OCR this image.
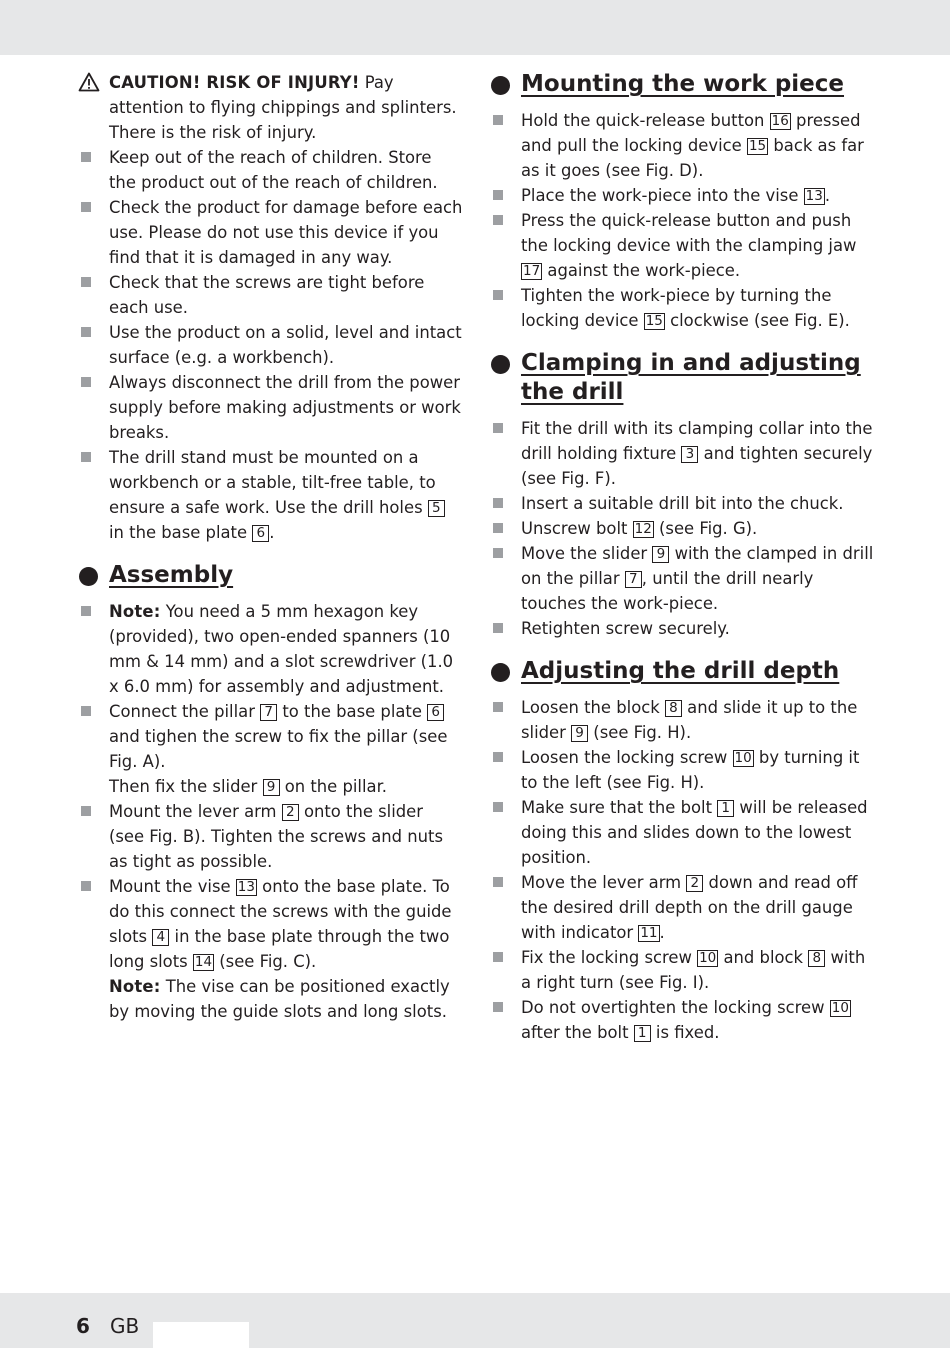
CAUTION! RISK OF INJURY! Pay attention to flying chippings and splinters. There is the risk of injury.
Keep out of the reach of children. Store the product out of the reach of children.
Check the product for damage before each use. Please do not use this device if you find that it is damaged in any way.
Check that the screws are tight before each use.
Use the product on a solid, level and intact surface (e.g. a workbench).
Always disconnect the drill from the power supply before making adjustments or work breaks.
The drill stand must be mounted on a workbench or a stable, tilt-free table, to ensure a safe work. Use the drill holes 5 in the base plate 6 .
Assembly
Note: You need a 5 mm hexagon key (provided), two open-ended spanners (10 mm & 14 mm) and a slot screwdriver (1.0 x 6.0 mm) for assembly and adjustment.
Connect the pillar 7 to the base plate 6 and tighen the screw to fix the pillar (see Fig. A).
Then fix the slider 9 on the pillar.
Mount the lever arm 2 onto the slider (see Fig. B). Tighten the screws and nuts as tight as possible.
Mount the vise 13 onto the base plate. To do this connect the screws with the guide slots 4 in the base plate through the two long slots 14 (see Fig. C).
Note: The vise can be positioned exactly by moving the guide slots and long slots.
Mounting the work piece
Hold the quick-release button 16 pressed and pull the locking device 15 back as far as it goes (see Fig. D).
Place the work-piece into the vise 13 .
Press the quick-release button and push the locking device with the clamping jaw 17 against the work-piece.
Tighten the work-piece by turning the locking device 15 clockwise (see Fig. E).
Clamping in and adjusting the drill
Fit the drill with its clamping collar into the drill holding fixture 3 and tighten securely (see Fig. F).
Insert a suitable drill bit into the chuck.
Unscrew bolt 12 (see Fig. G).
Move the slider 9 with the clamped in drill on the pillar 7 , until the drill nearly touches the work-piece.
Retighten screw securely.
Adjusting the drill depth
Loosen the block 8 and slide it up to the slider 9 (see Fig. H).
Loosen the locking screw 10 by turning it to the left (see Fig. H).
Make sure that the bolt 1 will be released doing this and slides down to the lowest position.
Move the lever arm 2 down and read off the desired drill depth on the drill gauge with indicator 11 .
Fix the locking screw 10 and block 8 with a right turn (see Fig. I).
Do not overtighten the locking screw 10 after the bolt 1 is fixed.
6 GB
